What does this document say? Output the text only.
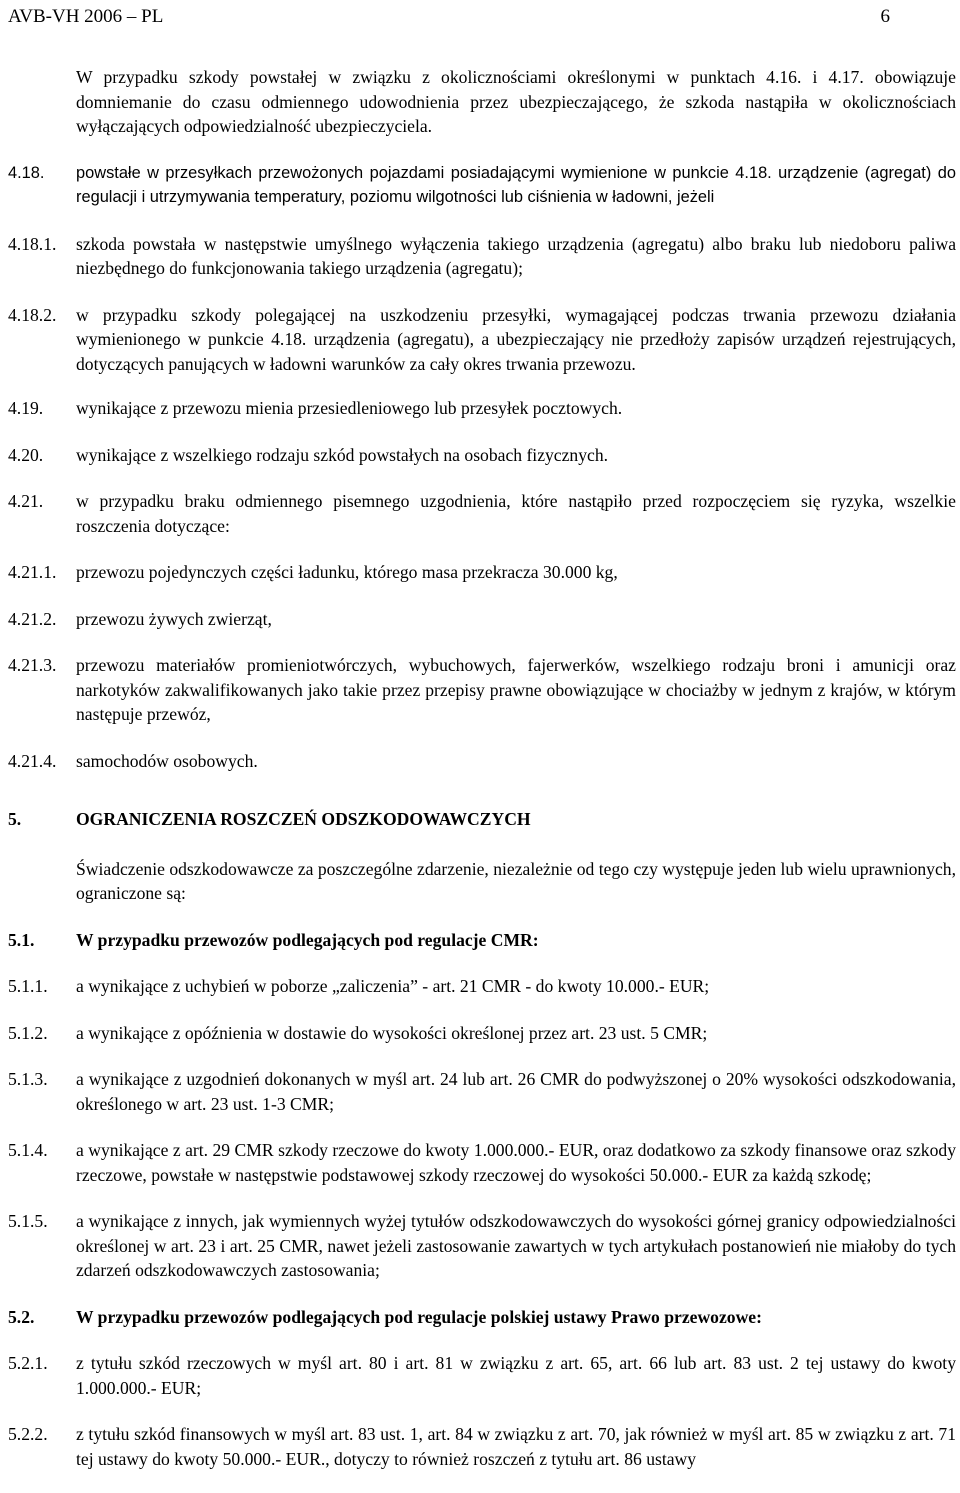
AVB-VH 2006 – PL	6
W przypadku szkody powstałej w związku z okolicznościami określonymi w punktach 4.16. i 4.17. obowiązuje domniemanie do czasu odmiennego udowodnienia przez ubezpieczającego, że szkoda nastąpiła w okolicznościach wyłączających odpowiedzialność ubezpieczyciela.
4.18.	powstałe w przesyłkach przewożonych pojazdami posiadającymi wymienione w punkcie 4.18. urządzenie (agregat) do regulacji i utrzymywania temperatury, poziomu wilgotności lub ciśnienia w ładowni, jeżeli
4.18.1.	szkoda powstała w następstwie umyślnego wyłączenia takiego urządzenia (agregatu) albo braku lub niedoboru paliwa niezbędnego do funkcjonowania takiego urządzenia (agregatu);
4.18.2.	w przypadku szkody polegającej na uszkodzeniu przesyłki, wymagającej podczas trwania przewozu działania wymienionego w punkcie 4.18. urządzenia (agregatu), a ubezpieczający nie przedłoży zapisów urządzeń rejestrujących, dotyczących panujących w ładowni warunków za cały okres trwania przewozu.
4.19.	wynikające z przewozu mienia przesiedleniowego lub przesyłek pocztowych.
4.20.	wynikające z wszelkiego rodzaju szkód powstałych na osobach fizycznych.
4.21.	w przypadku braku odmiennego pisemnego uzgodnienia, które nastąpiło przed rozpoczęciem się ryzyka, wszelkie roszczenia dotyczące:
4.21.1.	przewozu pojedynczych części ładunku, którego masa przekracza 30.000 kg,
4.21.2.	przewozu żywych zwierząt,
4.21.3.	przewozu materiałów promieniotwórczych, wybuchowych, fajerwerków, wszelkiego rodzaju broni i amunicji oraz narkotyków zakwalifikowanych jako takie przez przepisy prawne obowiązujące w chociażby w jednym z krajów, w którym następuje przewóz,
4.21.4.	samochodów osobowych.
5.	OGRANICZENIA ROSZCZEŃ ODSZKODOWAWCZYCH
Świadczenie odszkodowawcze za poszczególne zdarzenie, niezależnie od tego czy występuje jeden lub wielu uprawnionych, ograniczone są:
5.1.	W przypadku przewozów podlegających pod regulacje CMR:
5.1.1.	a wynikające z uchybień w poborze „zaliczenia” - art. 21 CMR - do kwoty 10.000.- EUR;
5.1.2.	a wynikające z opóźnienia w dostawie do wysokości określonej przez art. 23 ust. 5 CMR;
5.1.3.	a wynikające z uzgodnień dokonanych w myśl art. 24 lub art. 26 CMR do podwyższonej o 20% wysokości odszkodowania, określonego w art. 23 ust. 1-3 CMR;
5.1.4.	a wynikające z art. 29 CMR szkody rzeczowe do kwoty 1.000.000.- EUR, oraz dodatkowo za szkody finansowe oraz szkody rzeczowe, powstałe w następstwie podstawowej szkody rzeczowej do wysokości 50.000.- EUR za każdą szkodę;
5.1.5.	a wynikające z innych, jak wymiennych wyżej tytułów odszkodowawczych do wysokości górnej granicy odpowiedzialności określonej w art. 23 i art. 25 CMR, nawet jeżeli zastosowanie zawartych w tych artykułach postanowień nie miałoby do tych zdarzeń odszkodowawczych zastosowania;
5.2.	W przypadku przewozów podlegających pod regulacje polskiej ustawy Prawo przewozowe:
5.2.1.	z tytułu szkód rzeczowych w myśl art. 80 i art. 81 w związku z art. 65, art. 66 lub art. 83 ust. 2 tej ustawy do kwoty 1.000.000.- EUR;
5.2.2.	z tytułu szkód finansowych w myśl art. 83 ust. 1, art. 84 w związku z art. 70, jak również w myśl art. 85 w związku z art. 71 tej ustawy do kwoty 50.000.- EUR., dotyczy to również roszczeń z tytułu art. 86 ustawy
